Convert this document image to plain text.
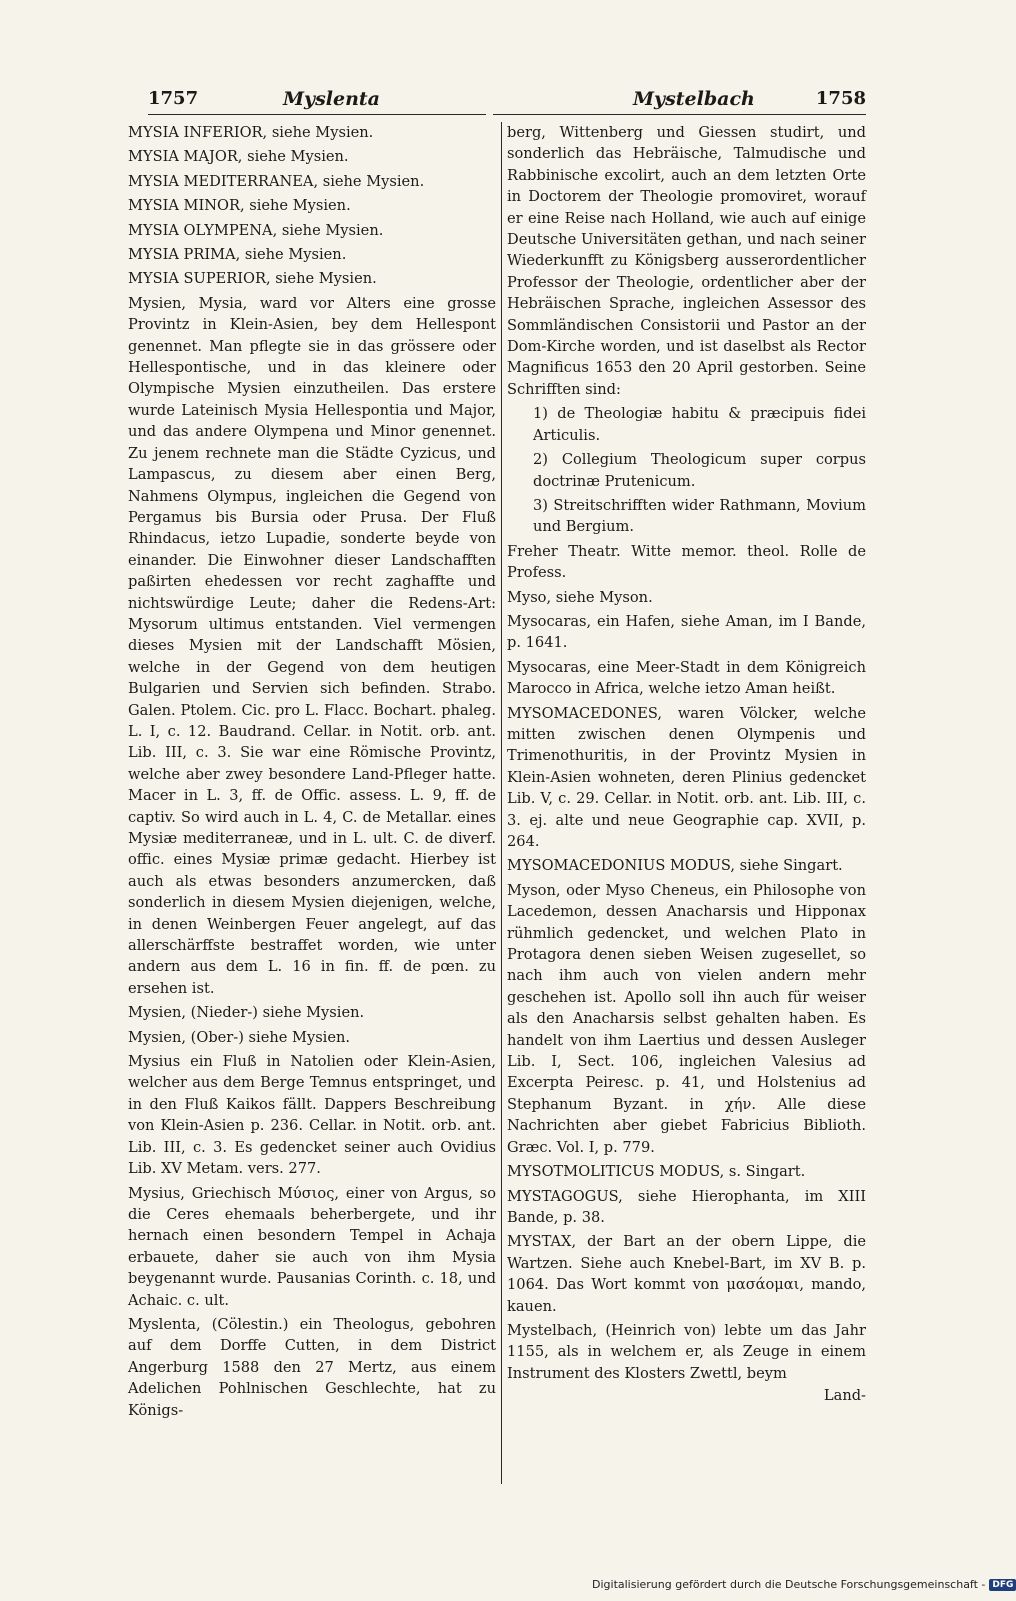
1757	Myslenta	Mystelbach	1758

MYSIA INFERIOR, siehe Mysien.

MYSIA MAJOR, siehe Mysien.

MYSIA MEDITERRANEA, siehe Mysien.

MYSIA MINOR, siehe Mysien.

MYSIA OLYMPENA, siehe Mysien.

MYSIA PRIMA, siehe Mysien.

MYSIA SUPERIOR, siehe Mysien.

Mysien, Mysia, ward vor Alters eine grosse Provintz in Klein-Asien, bey dem Hellespont genennet. Man pflegte sie in das grössere oder Hellespontische, und in das kleinere oder Olympische Mysien einzutheilen. Das erstere wurde Lateinisch Mysia Hellespontia und Major, und das andere Olympena und Minor genennet. Zu jenem rechnete man die Städte Cyzicus, und Lampascus, zu diesem aber einen Berg, Nahmens Olympus, ingleichen die Gegend von Pergamus bis Bursia oder Prusa. Der Fluß Rhindacus, ietzo Lupadie, sonderte beyde von einander. Die Einwohner dieser Landschafften paßirten ehedessen vor recht zaghaffte und nichtswürdige Leute; daher die Redens-Art: Mysorum ultimus entstanden. Viel vermengen dieses Mysien mit der Landschafft Mösien, welche in der Gegend von dem heutigen Bulgarien und Servien sich befinden. Strabo. Galen. Ptolem. Cic. pro L. Flacc. Bochart. phaleg. L. I, c. 12. Baudrand. Cellar. in Notit. orb. ant. Lib. III, c. 3. Sie war eine Römische Provintz, welche aber zwey besondere Land-Pfleger hatte. Macer in L. 3, ff. de Offic. assess. L. 9, ff. de captiv. So wird auch in L. 4, C. de Metallar. eines Mysiæ mediterraneæ, und in L. ult. C. de diverf. offic. eines Mysiæ primæ gedacht. Hierbey ist auch als etwas besonders anzumercken, daß sonderlich in diesem Mysien diejenigen, welche, in denen Weinbergen Feuer angelegt, auf das allerschärffste bestraffet worden, wie unter andern aus dem L. 16 in fin. ff. de pœn. zu ersehen ist.

Mysien, (Nieder-) siehe Mysien.

Mysien, (Ober-) siehe Mysien.

Mysius ein Fluß in Natolien oder Klein-Asien, welcher aus dem Berge Temnus entspringet, und in den Fluß Kaikos fällt. Dappers Beschreibung von Klein-Asien p. 236. Cellar. in Notit. orb. ant. Lib. III, c. 3. Es gedencket seiner auch Ovidius Lib. XV Metam. vers. 277.

Mysius, Griechisch Μύσιος, einer von Argus, so die Ceres ehemaals beherbergete, und ihr hernach einen besondern Tempel in Achaja erbauete, daher sie auch von ihm Mysia beygenannt wurde. Pausanias Corinth. c. 18, und Achaic. c. ult.

Myslenta, (Cölestin.) ein Theologus, gebohren auf dem Dorffe Cutten, in dem District Angerburg 1588 den 27 Mertz, aus einem Adelichen Pohlnischen Geschlechte, hat zu Königs-

berg, Wittenberg und Giessen studirt, und sonderlich das Hebräische, Talmudische und Rabbinische excolirt, auch an dem letzten Orte in Doctorem der Theologie promoviret, worauf er eine Reise nach Holland, wie auch auf einige Deutsche Universitäten gethan, und nach seiner Wiederkunfft zu Königsberg ausserordentlicher Professor der Theologie, ordentlicher aber der Hebräischen Sprache, ingleichen Assessor des Sommländischen Consistorii und Pastor an der Dom-Kirche worden, und ist daselbst als Rector Magnificus 1653 den 20 April gestorben. Seine Schrifften sind:

1) de Theologiæ habitu & præcipuis fidei Articulis.

2) Collegium Theologicum super corpus doctrinæ Prutenicum.

3) Streitschrifften wider Rathmann, Movium und Bergium.

Freher Theatr. Witte memor. theol. Rolle de Profess.

Myso, siehe Myson.

Mysocaras, ein Hafen, siehe Aman, im I Bande, p. 1641.

Mysocaras, eine Meer-Stadt in dem Königreich Marocco in Africa, welche ietzo Aman heißt.

MYSOMACEDONES, waren Völcker, welche mitten zwischen denen Olympenis und Trimenothuritis, in der Provintz Mysien in Klein-Asien wohneten, deren Plinius gedencket Lib. V, c. 29. Cellar. in Notit. orb. ant. Lib. III, c. 3. ej. alte und neue Geographie cap. XVII, p. 264.

MYSOMACEDONIUS MODUS, siehe Singart.

Myson, oder Myso Cheneus, ein Philosophe von Lacedemon, dessen Anacharsis und Hipponax rühmlich gedencket, und welchen Plato in Protagora denen sieben Weisen zugesellet, so nach ihm auch von vielen andern mehr geschehen ist. Apollo soll ihn auch für weiser als den Anacharsis selbst gehalten haben. Es handelt von ihm Laertius und dessen Ausleger Lib. I, Sect. 106, ingleichen Valesius ad Excerpta Peiresc. p. 41, und Holstenius ad Stephanum Byzant. in χήν. Alle diese Nachrichten aber giebet Fabricius Biblioth. Græc. Vol. I, p. 779.

MYSOTMOLITICUS MODUS, s. Singart.

MYSTAGOGUS, siehe Hierophanta, im XIII Bande, p. 38.

MYSTAX, der Bart an der obern Lippe, die Wartzen. Siehe auch Knebel-Bart, im XV B. p. 1064. Das Wort kommt von μασάομαι, mando, kauen.

Mystelbach, (Heinrich von) lebte um das Jahr 1155, als in welchem er, als Zeuge in einem Instrument des Klosters Zwettl, beym

Land-

Digitalisierung gefördert durch die Deutsche Forschungsgemeinschaft - DFG
